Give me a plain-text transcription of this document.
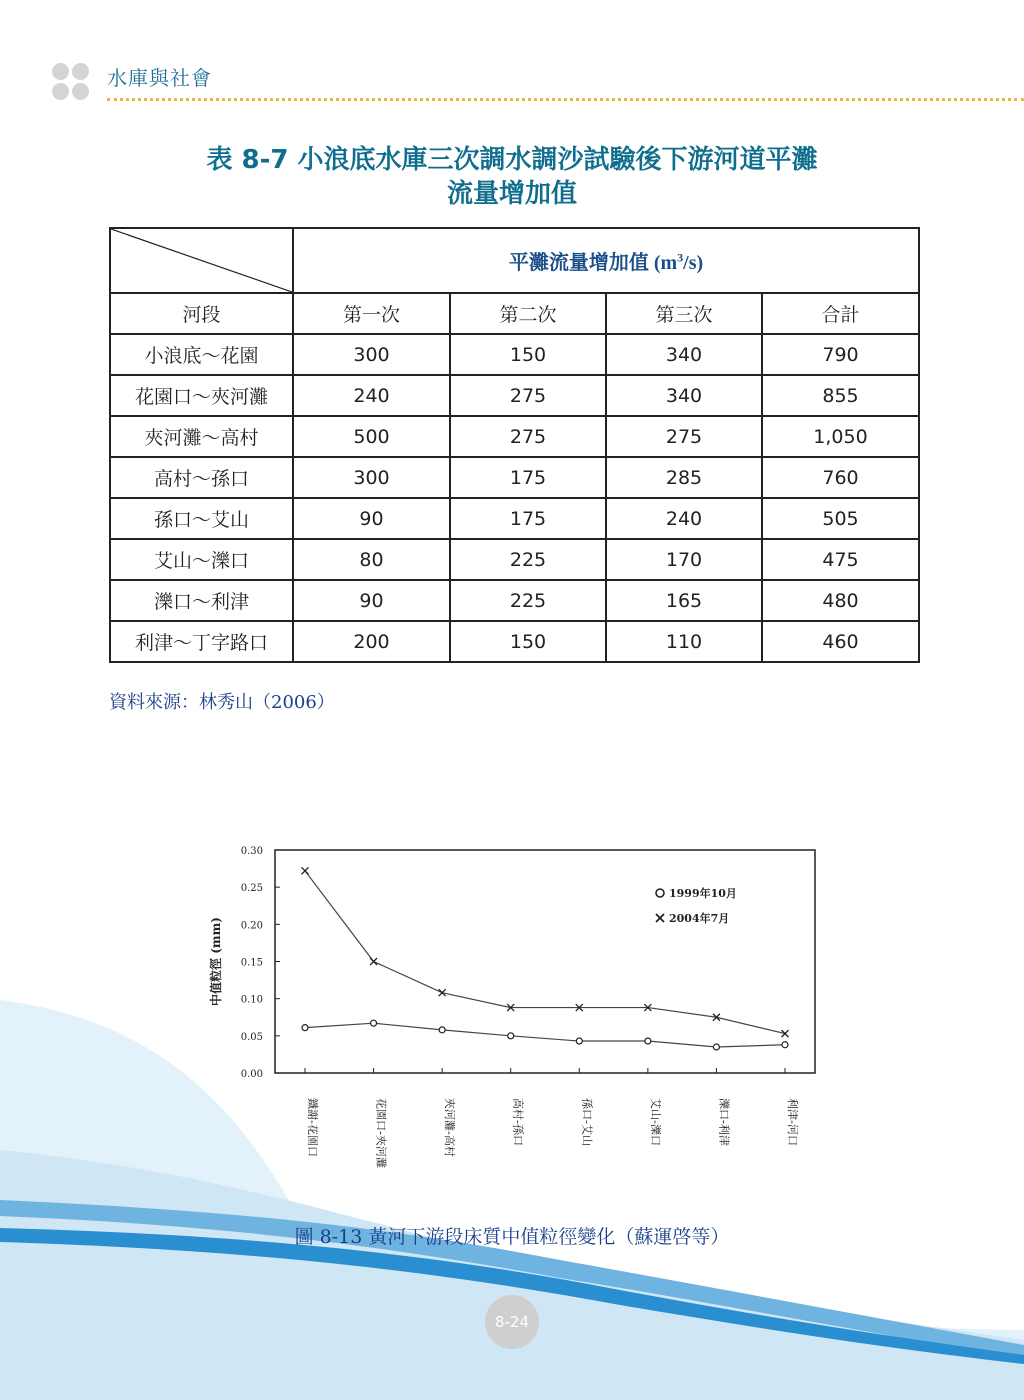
水庫與社會
表 8-7 小浪底水庫三次調水調沙試驗後下游河道平灘
流量增加值
	平灘流量增加值 $(m^3/s)$			
河段	第一次	第二次	第三次	合計
小浪底～花園	300	150	340	790
花園口～夾河灘	240	275	340	855
夾河灘～高村	500	275	275	1,050
高村～孫口	300	175	285	760
孫口～艾山	90	175	240	505
艾山～濼口	80	225	170	475
濼口～利津	90	225	165	480
利津～丁字路口	200	150	110	460
資料來源：林秀山（2006）
0.30
0.25
0.20
0.15
0.10
0.05
0.00
中值粒徑 (mm)
鐵謝-花園口	花園口-夾河灘	夾河灘-高村	高村-孫口	孫口-艾山	艾山-濼口	濼口-利津	利津-河口
1999年10月
2004年7月
圖 8-13 黃河下游段床質中值粒徑變化（蘇運啓等）
8-24
